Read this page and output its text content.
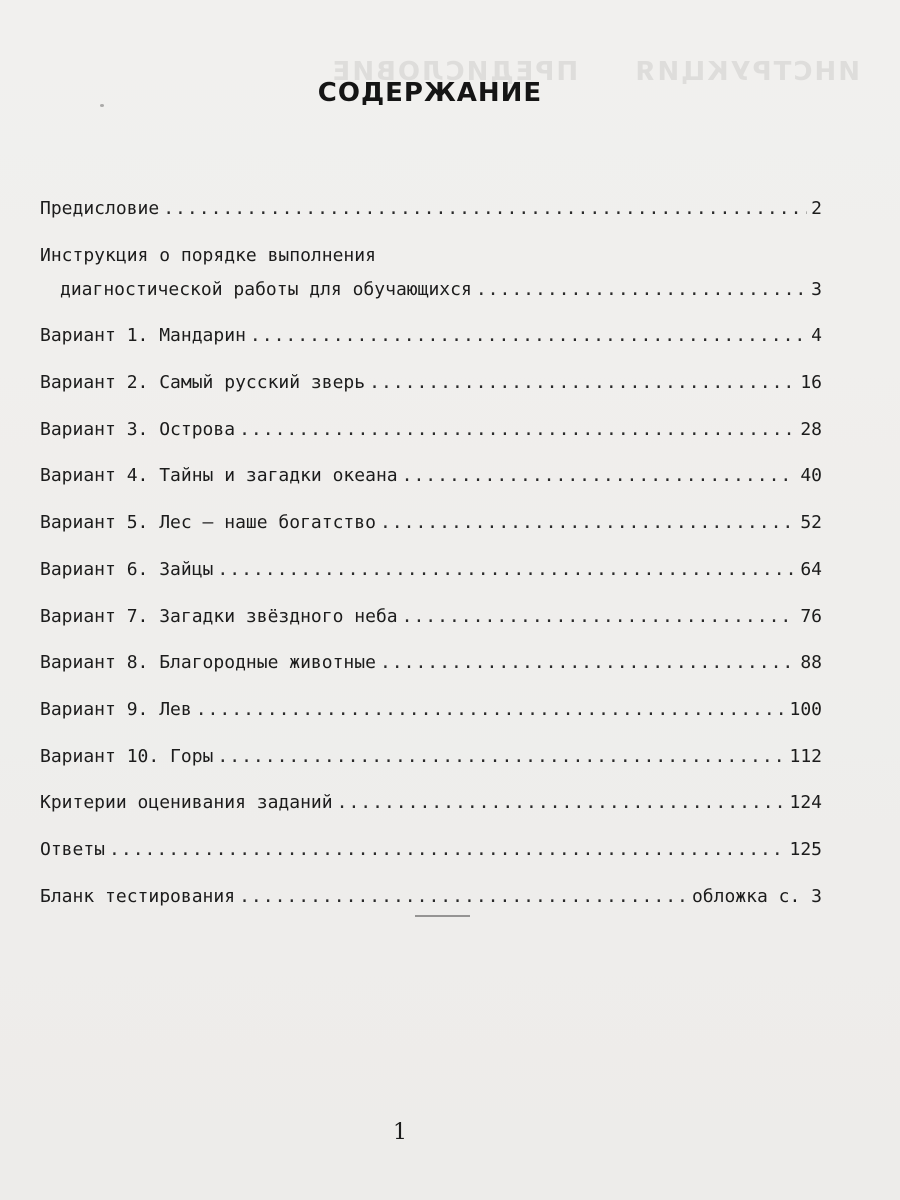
ИНСТРУКЦИЯ     ПРЕДИСЛОВИЕ

СОДЕРЖАНИЕ
Предисловие .....	2
Инструкция о порядке выполнения
диагностической работы для обучающихся .....	3
Вариант 1. Мандарин .....	4
Вариант 2. Самый русский зверь .....	16
Вариант 3. Острова .....	28
Вариант 4. Тайны и загадки океана .....	40
Вариант 5. Лес — наше богатство .....	52
Вариант 6. Зайцы .....	64
Вариант 7. Загадки звёздного неба .....	76
Вариант 8. Благородные животные .....	88
Вариант 9. Лев .....	100
Вариант 10. Горы .....	112
Критерии оценивания заданий .....	124
Ответы .....	125
Бланк тестирования .....	обложка с. 3
1
